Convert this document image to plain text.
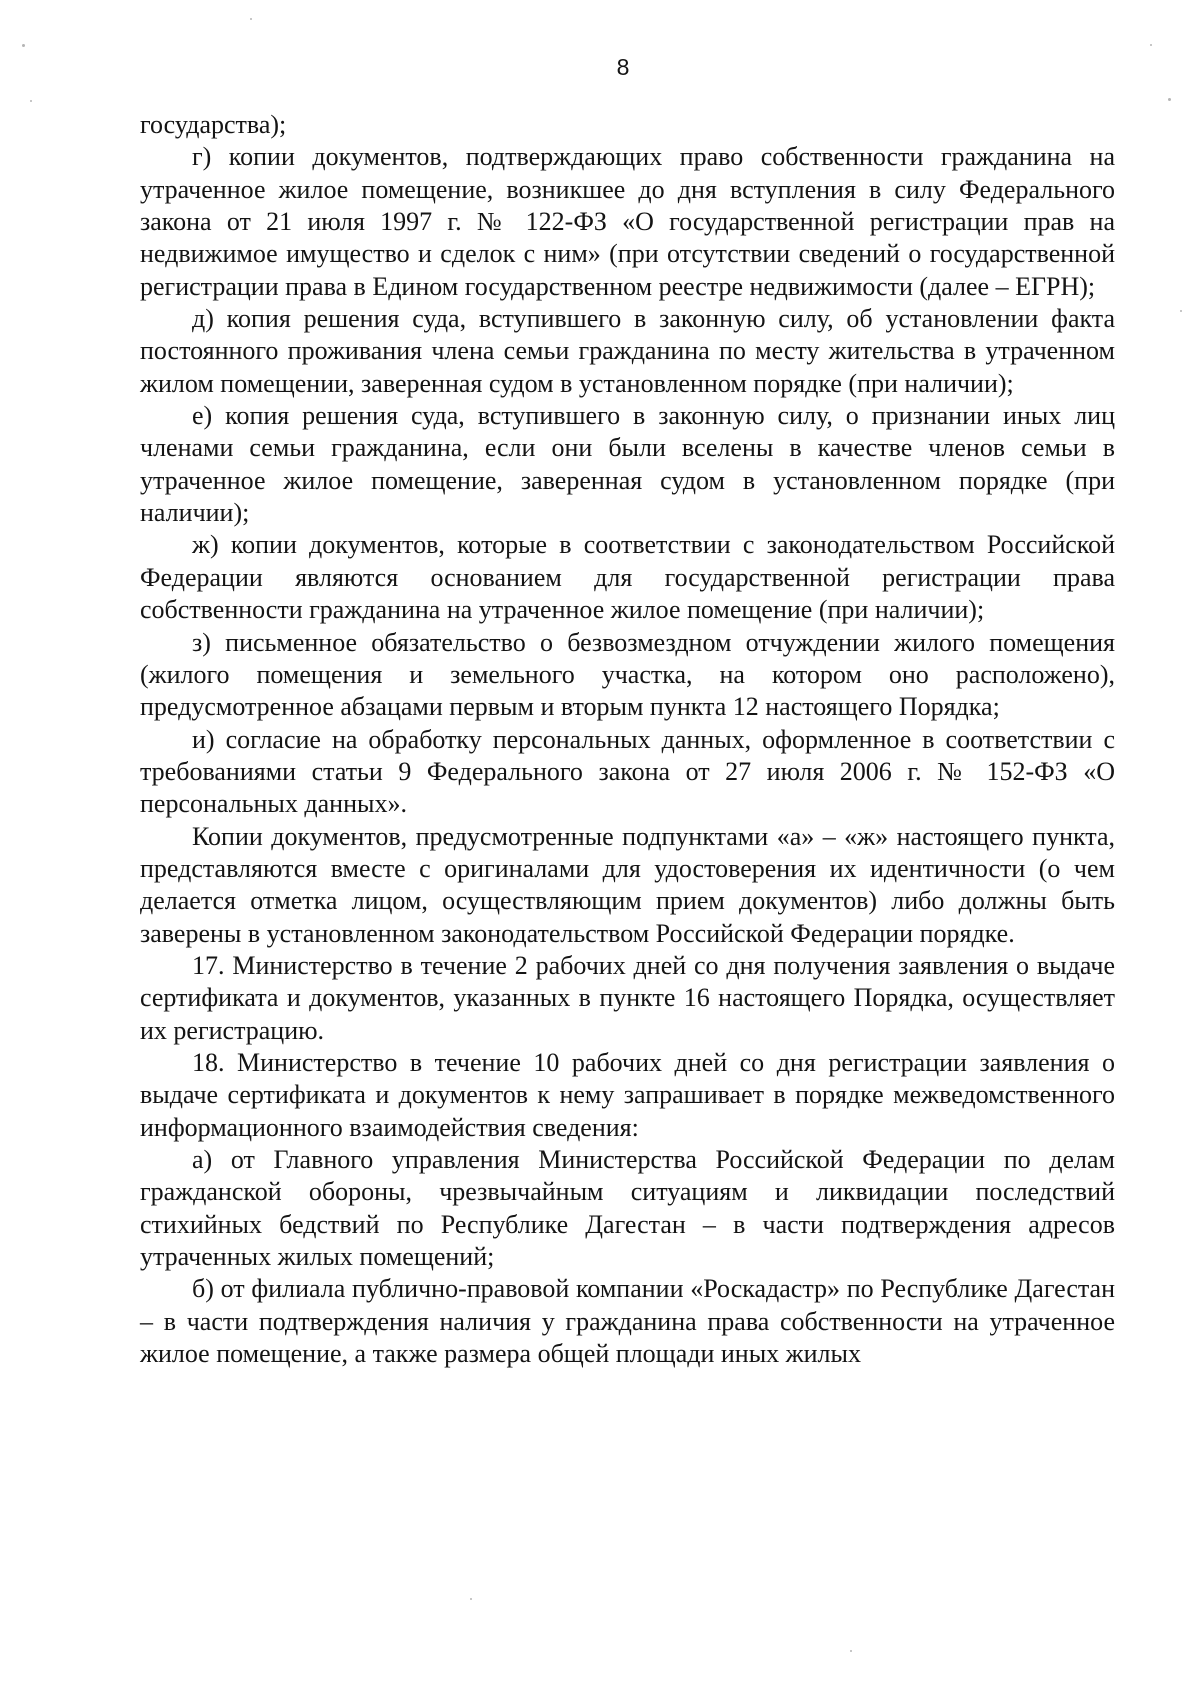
8

государства);

г) копии документов, подтверждающих право собственности гражданина на утраченное жилое помещение, возникшее до дня вступления в силу Федерального закона от 21 июля 1997 г. № 122-ФЗ «О государственной регистрации прав на недвижимое имущество и сделок с ним» (при отсутствии сведений о государственной регистрации права в Едином государственном реестре недвижимости (далее – ЕГРН);

д) копия решения суда, вступившего в законную силу, об установлении факта постоянного проживания члена семьи гражданина по месту жительства в утраченном жилом помещении, заверенная судом в установленном порядке (при наличии);

е) копия решения суда, вступившего в законную силу, о признании иных лиц членами семьи гражданина, если они были вселены в качестве членов семьи в утраченное жилое помещение, заверенная судом в установленном порядке (при наличии);

ж) копии документов, которые в соответствии с законодательством Российской Федерации являются основанием для государственной регистрации права собственности гражданина на утраченное жилое помещение (при наличии);

з) письменное обязательство о безвозмездном отчуждении жилого помещения (жилого помещения и земельного участка, на котором оно расположено), предусмотренное абзацами первым и вторым пункта 12 настоящего Порядка;

и) согласие на обработку персональных данных, оформленное в соответствии с требованиями статьи 9 Федерального закона от 27 июля 2006 г. № 152-ФЗ «О персональных данных».

Копии документов, предусмотренные подпунктами «а» – «ж» настоящего пункта, представляются вместе с оригиналами для удостоверения их идентичности (о чем делается отметка лицом, осуществляющим прием документов) либо должны быть заверены в установленном законодательством Российской Федерации порядке.

17. Министерство в течение 2 рабочих дней со дня получения заявления о выдаче сертификата и документов, указанных в пункте 16 настоящего Порядка, осуществляет их регистрацию.

18. Министерство в течение 10 рабочих дней со дня регистрации заявления о выдаче сертификата и документов к нему запрашивает в порядке межведомственного информационного взаимодействия сведения:

а) от Главного управления Министерства Российской Федерации по делам гражданской обороны, чрезвычайным ситуациям и ликвидации последствий стихийных бедствий по Республике Дагестан – в части подтверждения адресов утраченных жилых помещений;

б) от филиала публично-правовой компании «Роскадастр» по Республике Дагестан – в части подтверждения наличия у гражданина права собственности на утраченное жилое помещение, а также размера общей площади иных жилых
